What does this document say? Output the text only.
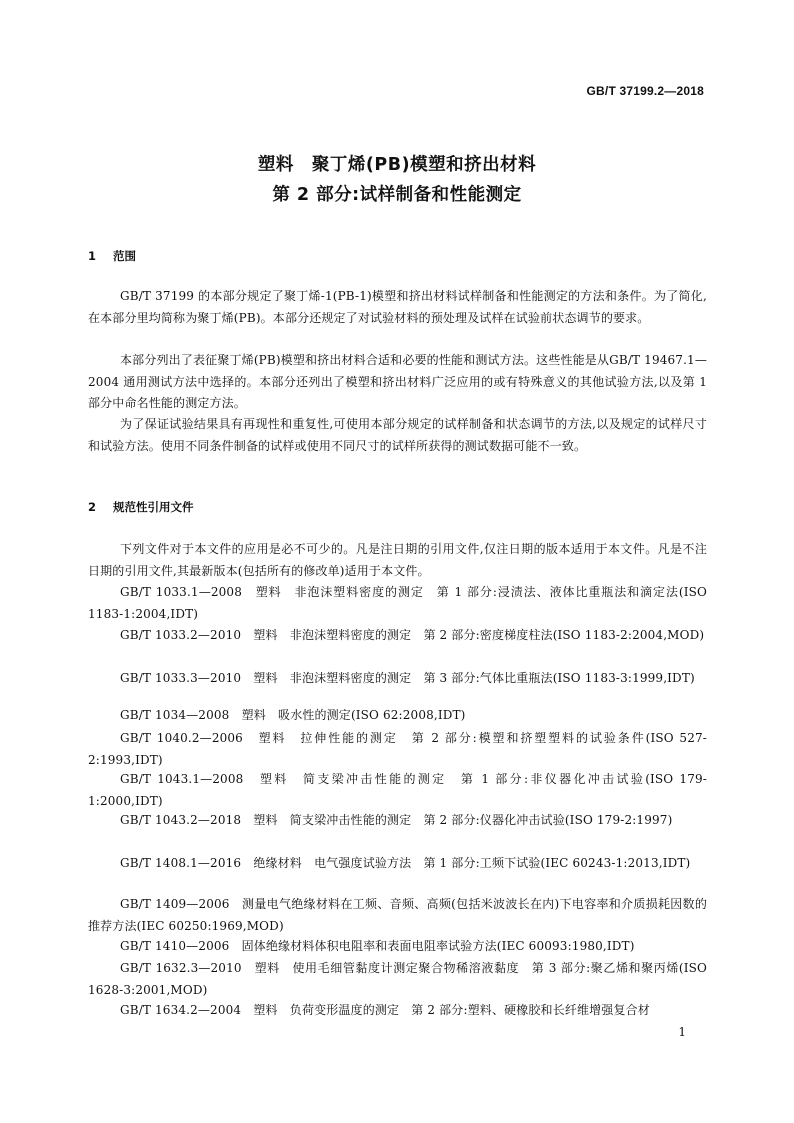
GB/T 37199.2—2018
塑料　聚丁烯(PB)模塑和挤出材料
第 2 部分:试样制备和性能测定
1 范围
GB/T 37199 的本部分规定了聚丁烯-1(PB-1)模塑和挤出材料试样制备和性能测定的方法和条件。为了简化,在本部分里均简称为聚丁烯(PB)。本部分还规定了对试验材料的预处理及试样在试验前状态调节的要求。
本部分列出了表征聚丁烯(PB)模塑和挤出材料合适和必要的性能和测试方法。这些性能是从GB/T 19467.1—2004 通用测试方法中选择的。本部分还列出了模塑和挤出材料广泛应用的或有特殊意义的其他试验方法,以及第 1 部分中命名性能的测定方法。
为了保证试验结果具有再现性和重复性,可使用本部分规定的试样制备和状态调节的方法,以及规定的试样尺寸和试验方法。使用不同条件制备的试样或使用不同尺寸的试样所获得的测试数据可能不一致。
2 规范性引用文件
下列文件对于本文件的应用是必不可少的。凡是注日期的引用文件,仅注日期的版本适用于本文件。凡是不注日期的引用文件,其最新版本(包括所有的修改单)适用于本文件。
GB/T 1033.1—2008　塑料　非泡沫塑料密度的测定　第 1 部分:浸渍法、液体比重瓶法和滴定法(ISO 1183-1:2004,IDT)
GB/T 1033.2—2010　塑料　非泡沫塑料密度的测定　第 2 部分:密度梯度柱法(ISO 1183-2:2004,MOD)
GB/T 1033.3—2010　塑料　非泡沫塑料密度的测定　第 3 部分:气体比重瓶法(ISO 1183-3:1999,IDT)
GB/T 1034—2008　塑料　吸水性的测定(ISO 62:2008,IDT)
GB/T 1040.2—2006　塑料　拉伸性能的测定　第 2 部分:模塑和挤塑塑料的试验条件(ISO 527-2:1993,IDT)
GB/T 1043.1—2008　塑料　简支梁冲击性能的测定　第 1 部分:非仪器化冲击试验(ISO 179-1:2000,IDT)
GB/T 1043.2—2018　塑料　简支梁冲击性能的测定　第 2 部分:仪器化冲击试验(ISO 179-2:1997)
GB/T 1408.1—2016　绝缘材料　电气强度试验方法　第 1 部分:工频下试验(IEC 60243-1:2013,IDT)
GB/T 1409—2006　测量电气绝缘材料在工频、音频、高频(包括米波波长在内)下电容率和介质损耗因数的推荐方法(IEC 60250:1969,MOD)
GB/T 1410—2006　固体绝缘材料体积电阻率和表面电阻率试验方法(IEC 60093:1980,IDT)
GB/T 1632.3—2010　塑料　使用毛细管黏度计测定聚合物稀溶液黏度　第 3 部分:聚乙烯和聚丙烯(ISO 1628-3:2001,MOD)
GB/T 1634.2—2004　塑料　负荷变形温度的测定　第 2 部分:塑料、硬橡胶和长纤维增强复合材
1
